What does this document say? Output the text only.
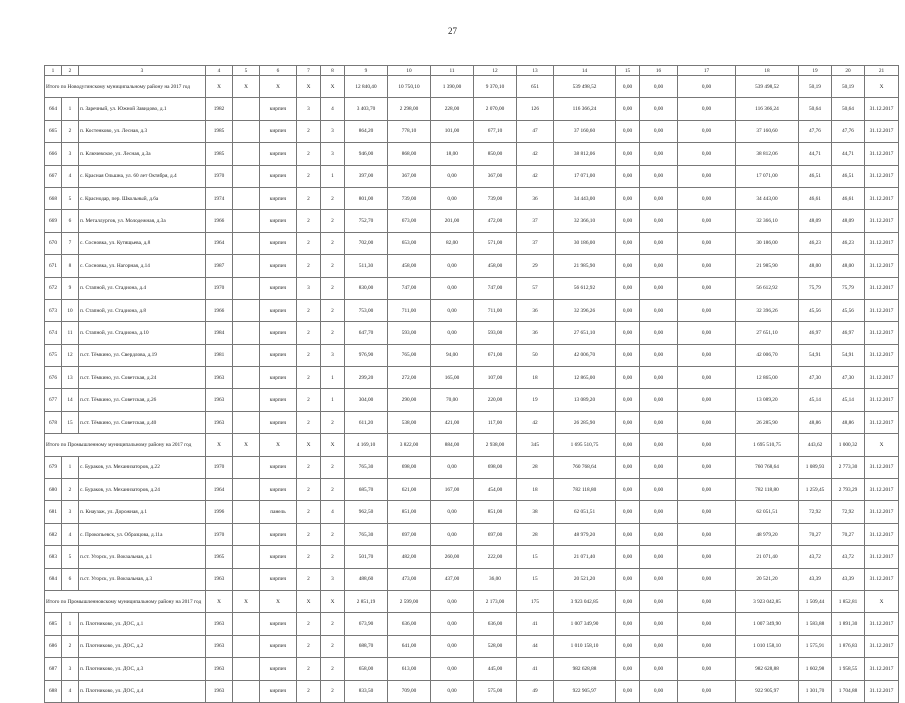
27
1	2	3	4	5	6	7	8	9	10	11	12	13	14	15	16	17	18	19	20	21
Итого по Новодугинскому муниципальному району на 2017 год			X	X	X	X	X	12 840,40	10 750,10	1 390,00	9 370,10	651	539 498,52	0,00	0,00	0,00	539 498,52	50,19	50,19	X
664	1	п. Заречный, ул. Южной Завидово, д.1	1982		кирпич	3	4	3 403,70	2 298,00	228,00	2 070,00	126	116 366,24	0,00	0,00	0,00	116 366,24	50,64	50,64	31.12.2017
665	2	п. Костенково, ул. Лесная, д.3	1985		кирпич	2	3	864,20	778,10	101,00	677,10	47	37 160,60	0,00	0,00	0,00	37 160,60	47,76	47,76	31.12.2017
666	3	п. Ключевское, ул. Лесная, д.3а	1985		кирпич	2	3	946,00	868,00	18,00	850,00	42	38 812,06	0,00	0,00	0,00	38 812,06	44,71	44,71	31.12.2017
667	4	с. Красная Ольшна, ул. 60 лет Октября, д.4	1970		кирпич	2	1	397,00	367,00	0,00	367,00	42	17 071,00	0,00	0,00	0,00	17 071,00	46,51	46,51	31.12.2017
668	5	с. Краснодар, пер. Школьный, д.6а	1974		кирпич	2	2	801,00	739,00	0,00	739,00	36	34 443,00	0,00	0,00	0,00	34 443,00	46,61	46,61	31.12.2017
669	6	п. Металлургов, ул. Молодежная, д.3а	1966		кирпич	2	2	752,70	673,00	201,00	472,00	37	32 366,10	0,00	0,00	0,00	32 366,10	48,09	48,09	31.12.2017
670	7	с. Сосновка, ул. Кутящьева, д.8	1964		кирпич	2	2	702,00	653,00	82,00	571,00	37	30 186,00	0,00	0,00	0,00	30 186,00	46,23	46,23	31.12.2017
671	8	с. Сосновка, ул. Нагорная, д.14	1987		кирпич	2	2	511,30	458,00	0,00	458,00	29	21 985,90	0,00	0,00	0,00	21 985,90	48,00	48,00	31.12.2017
672	9	п. Стапной, ул. Стадиона, д.4	1970		кирпич	3	2	830,00	747,00	0,00	747,00	57	56 612,92	0,00	0,00	0,00	56 612,92	75,79	75,79	31.12.2017
673	10	п. Стапной, ул. Стадиона, д.8	1966		кирпич	2	2	753,00	711,00	0,00	711,00	36	32 396,26	0,00	0,00	0,00	32 396,26	45,56	45,56	31.12.2017
674	11	п. Стапной, ул. Стадиона, д.10	1984		кирпич	2	2	647,70	593,00	0,00	593,00	36	27 651,10	0,00	0,00	0,00	27 651,10	46,97	46,97	31.12.2017
675	12	п.ст. Тёмкино, ул. Свердлова, д.19	1981		кирпич	2	3	976,90	765,00	94,00	671,00	50	42 006,70	0,00	0,00	0,00	42 006,70	54,91	54,91	31.12.2017
676	13	п.ст. Тёмкино, ул. Советская, д.24	1963		кирпич	2	1	299,20	272,00	165,00	107,00	18	12 865,00	0,00	0,00	0,00	12 865,00	47,30	47,30	31.12.2017
677	14	п.ст. Тёмкино, ул. Советская, д.26	1963		кирпич	2	1	304,00	290,00	70,00	220,00	19	13 089,20	0,00	0,00	0,00	13 089,20	45,14	45,14	31.12.2017
678	15	п.ст. Тёмкино, ул. Советская, д.40	1963		кирпич	2	2	611,20	538,00	421,00	117,00	42	26 285,90	0,00	0,00	0,00	26 285,90	48,86	48,86	31.12.2017
Итого по Промышленному муниципальному району на 2017 год			X	X	X	X	X	4 169,10	3 822,00	884,00	2 938,00	345	1 695 510,75	0,00	0,00	0,00	1 695 510,75	443,62	1 000,32	X
679	1	с. Бураков, ул. Механизаторов, д.22	1970		кирпич	2	2	765,30	698,00	0,00	698,00	28	760 768,64	0,00	0,00	0,00	760 768,64	1 089,93	2 773,30	31.12.2017
680	2	с. Бураков, ул. Механизаторов, д.24	1964		кирпич	2	2	685,70	621,00	167,00	454,00	18	782 118,80	0,00	0,00	0,00	782 118,80	1 259,45	2 793,29	31.12.2017
681	3	п. Кнаузаж, ул. Дорожная, д.1	1996		панель	2	4	962,50	851,00	0,00	851,00	38	62 051,51	0,00	0,00	0,00	62 051,51	72,92	72,92	31.12.2017
682	4	с. Прокопьевск, ул. Образцова, д.11а	1970		кирпич	2	2	765,30	697,00	0,00	697,00	28	48 979,20	0,00	0,00	0,00	48 979,20	70,27	70,27	31.12.2017
683	5	п.ст. Угорск, ул. Вокзальная, д.1	1965		кирпич	2	2	501,70	482,00	260,00	222,00	15	21 071,40	0,00	0,00	0,00	21 071,40	43,72	43,72	31.12.2017
684	6	п.ст. Угорск, ул. Вокзальная, д.3	1963		кирпич	2	3	488,60	473,00	437,00	36,00	15	20 521,20	0,00	0,00	0,00	20 521,20	43,39	43,39	31.12.2017
Итого по Промышленновскому муниципальному району на 2017 год			X	X	X	X	X	2 851,19	2 599,00	0,00	2 173,00	175	3 923 042,85	0,00	0,00	0,00	3 923 042,85	1 509,44	1 852,81	X
685	1	п. Плотниково, ул. ДОС, д.1	1963		кирпич	2	2	673,90	636,00	0,00	636,00	41	1 007 349,90	0,00	0,00	0,00	1 007 349,90	1 583,88	1 891,30	31.12.2017
686	2	п. Плотниково, ул. ДОС, д.2	1963		кирпич	2	2	688,70	641,00	0,00	528,00	44	1 010 158,10	0,00	0,00	0,00	1 010 158,10	1 575,91	1 876,83	31.12.2017
687	3	п. Плотниково, ул. ДОС, д.3	1963		кирпич	2	2	658,00	613,00	0,00	445,00	41	982 628,88	0,00	0,00	0,00	982 628,88	1 602,98	1 958,55	31.12.2017
688	4	п. Плотниково, ул. ДОС, д.4	1963		кирпич	2	2	833,50	709,00	0,00	575,00	49	922 905,97	0,00	0,00	0,00	922 905,97	1 301,70	1 704,88	31.12.2017
